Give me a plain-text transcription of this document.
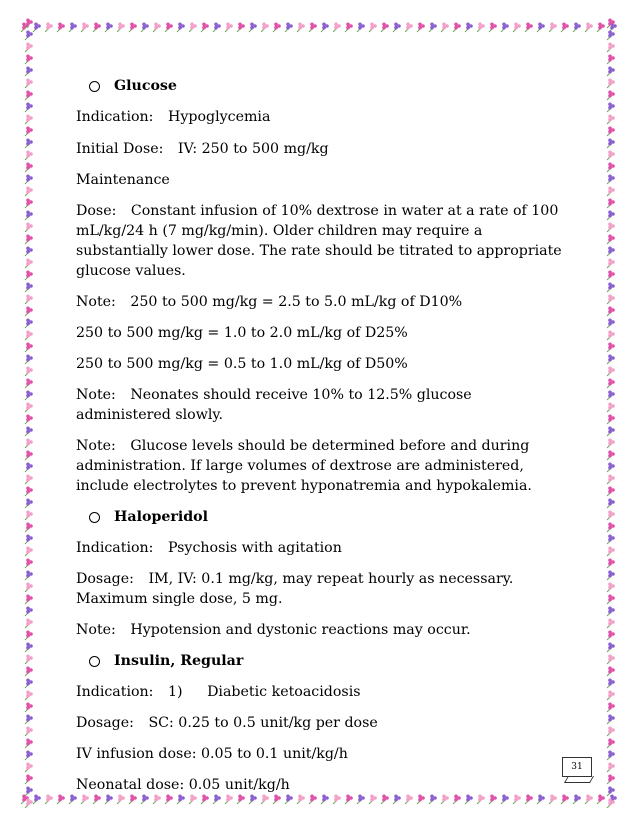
Glucose

Indication: Hypoglycemia

Initial Dose: IV: 250 to 500 mg/kg

Maintenance

Dose: Constant infusion of 10% dextrose in water at a rate of 100 mL/kg/24 h (7 mg/kg/min). Older children may require a substantially lower dose. The rate should be titrated to appropriate glucose values.

Note: 250 to 500 mg/kg = 2.5 to 5.0 mL/kg of D10%

250 to 500 mg/kg = 1.0 to 2.0 mL/kg of D25%

250 to 500 mg/kg = 0.5 to 1.0 mL/kg of D50%

Note: Neonates should receive 10% to 12.5% glucose administered slowly.

Note: Glucose levels should be determined before and during administration. If large volumes of dextrose are administered, include electrolytes to prevent hyponatremia and hypokalemia.

Haloperidol

Indication: Psychosis with agitation

Dosage: IM, IV: 0.1 mg/kg, may repeat hourly as necessary. Maximum single dose, 5 mg.

Note: Hypotension and dystonic reactions may occur.

Insulin, Regular

Indication: 1) Diabetic ketoacidosis

Dosage: SC: 0.25 to 0.5 unit/kg per dose

IV infusion dose: 0.05 to 0.1 unit/kg/h

Neonatal dose: 0.05 unit/kg/h

31
